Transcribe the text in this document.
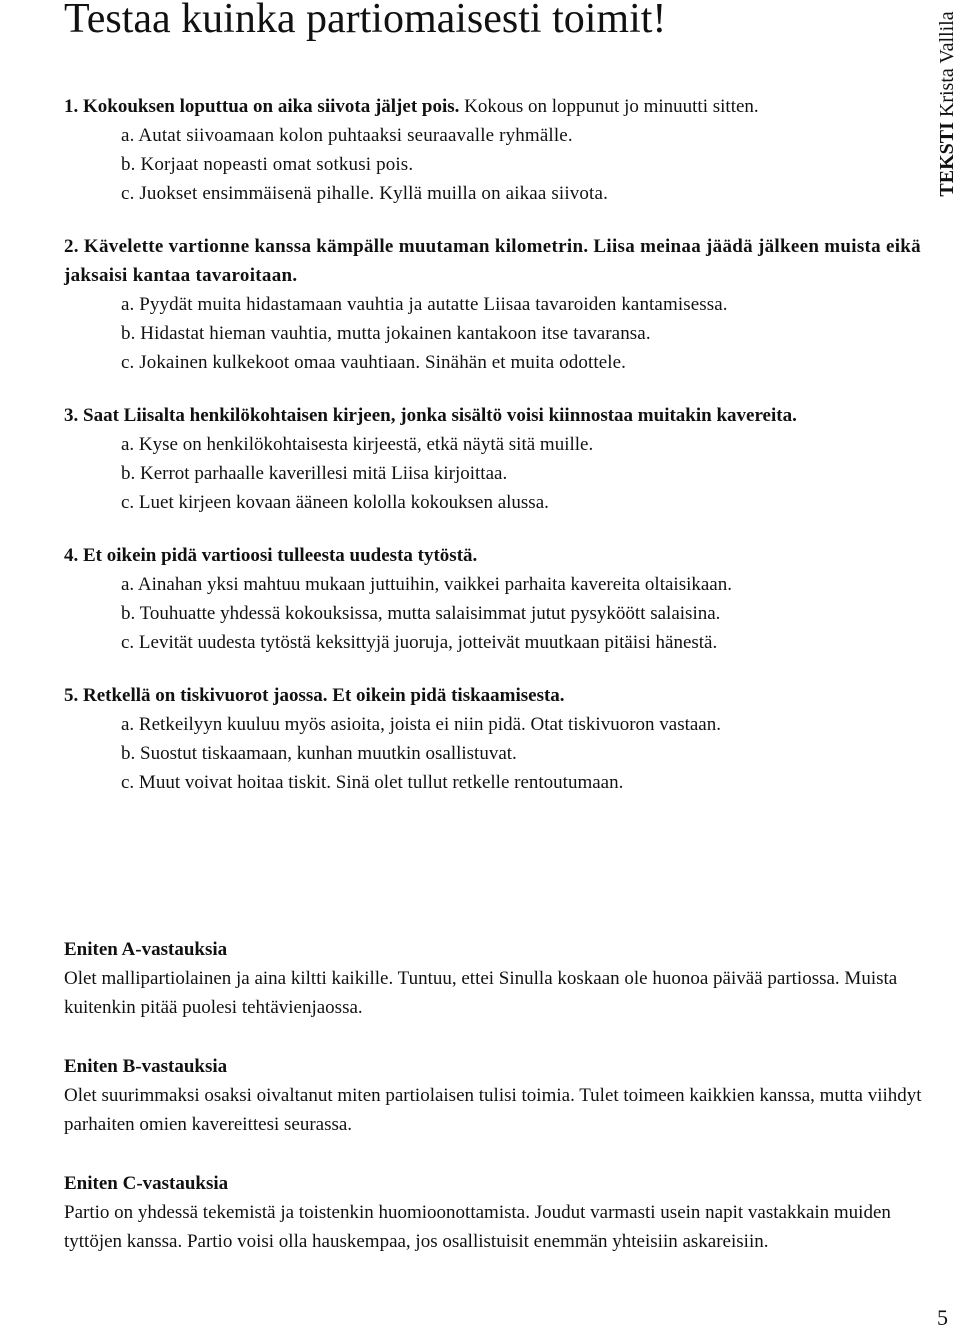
Testaa kuinka partiomaisesti toimit!
TEKSTI Krista Vallila

1. Kokouksen loputtua on aika siivota jäljet pois. Kokous on loppunut jo minuutti sitten.

a. Autat siivoamaan kolon puhtaaksi seuraavalle ryhmälle.
b. Korjaat nopeasti omat sotkusi pois.
c. Juokset ensimmäisenä pihalle. Kyllä muilla on aikaa siivota.

2. Kävelette vartionne kanssa kämpälle muutaman kilometrin. Liisa meinaa jäädä jälkeen muista eikä jaksaisi kantaa tavaroitaan.

a. Pyydät muita hidastamaan vauhtia ja autatte Liisaa tavaroiden kantamisessa.
b. Hidastat hieman vauhtia, mutta jokainen kantakoon itse tavaransa.
c. Jokainen kulkekoot omaa vauhtiaan. Sinähän et muita odottele.

3. Saat Liisalta henkilökohtaisen kirjeen, jonka sisältö voisi kiinnostaa muitakin kavereita.

a. Kyse on henkilökohtaisesta kirjeestä, etkä näytä sitä muille.
b. Kerrot parhaalle kaverillesi mitä Liisa kirjoittaa.
c. Luet kirjeen kovaan ääneen kololla kokouksen alussa.

4. Et oikein pidä vartioosi tulleesta uudesta tytöstä.

a. Ainahan yksi mahtuu mukaan juttuihin, vaikkei parhaita kavereita oltaisikaan.
b. Touhuatte yhdessä kokouksissa, mutta salaisimmat jutut pysyköött salaisina.
c. Levität uudesta tytöstä keksittyjä juoruja, jotteivät muutkaan pitäisi hänestä.

5. Retkellä on tiskivuorot jaossa. Et oikein pidä tiskaamisesta.

a. Retkeilyyn kuuluu myös asioita, joista ei niin pidä. Otat tiskivuoron vastaan.
b. Suostut tiskaamaan, kunhan muutkin osallistuvat.
c. Muut voivat hoitaa tiskit. Sinä olet tullut retkelle rentoutumaan.

Eniten A-vastauksia

Olet mallipartiolainen ja aina kiltti kaikille. Tuntuu, ettei Sinulla koskaan ole huonoa päivää partiossa. Muista kuitenkin pitää puolesi tehtävienjaossa.

Eniten B-vastauksia

Olet suurimmaksi osaksi oivaltanut miten partiolaisen tulisi toimia. Tulet toimeen kaikkien kanssa, mutta viihdyt parhaiten omien kavereittesi seurassa.

Eniten C-vastauksia

Partio on yhdessä tekemistä ja toistenkin huomioonottamista. Joudut varmasti usein napit vastakkain muiden tyttöjen kanssa. Partio voisi olla hauskempaa, jos osallistuisit enemmän yhteisiin askareisiin.

5
